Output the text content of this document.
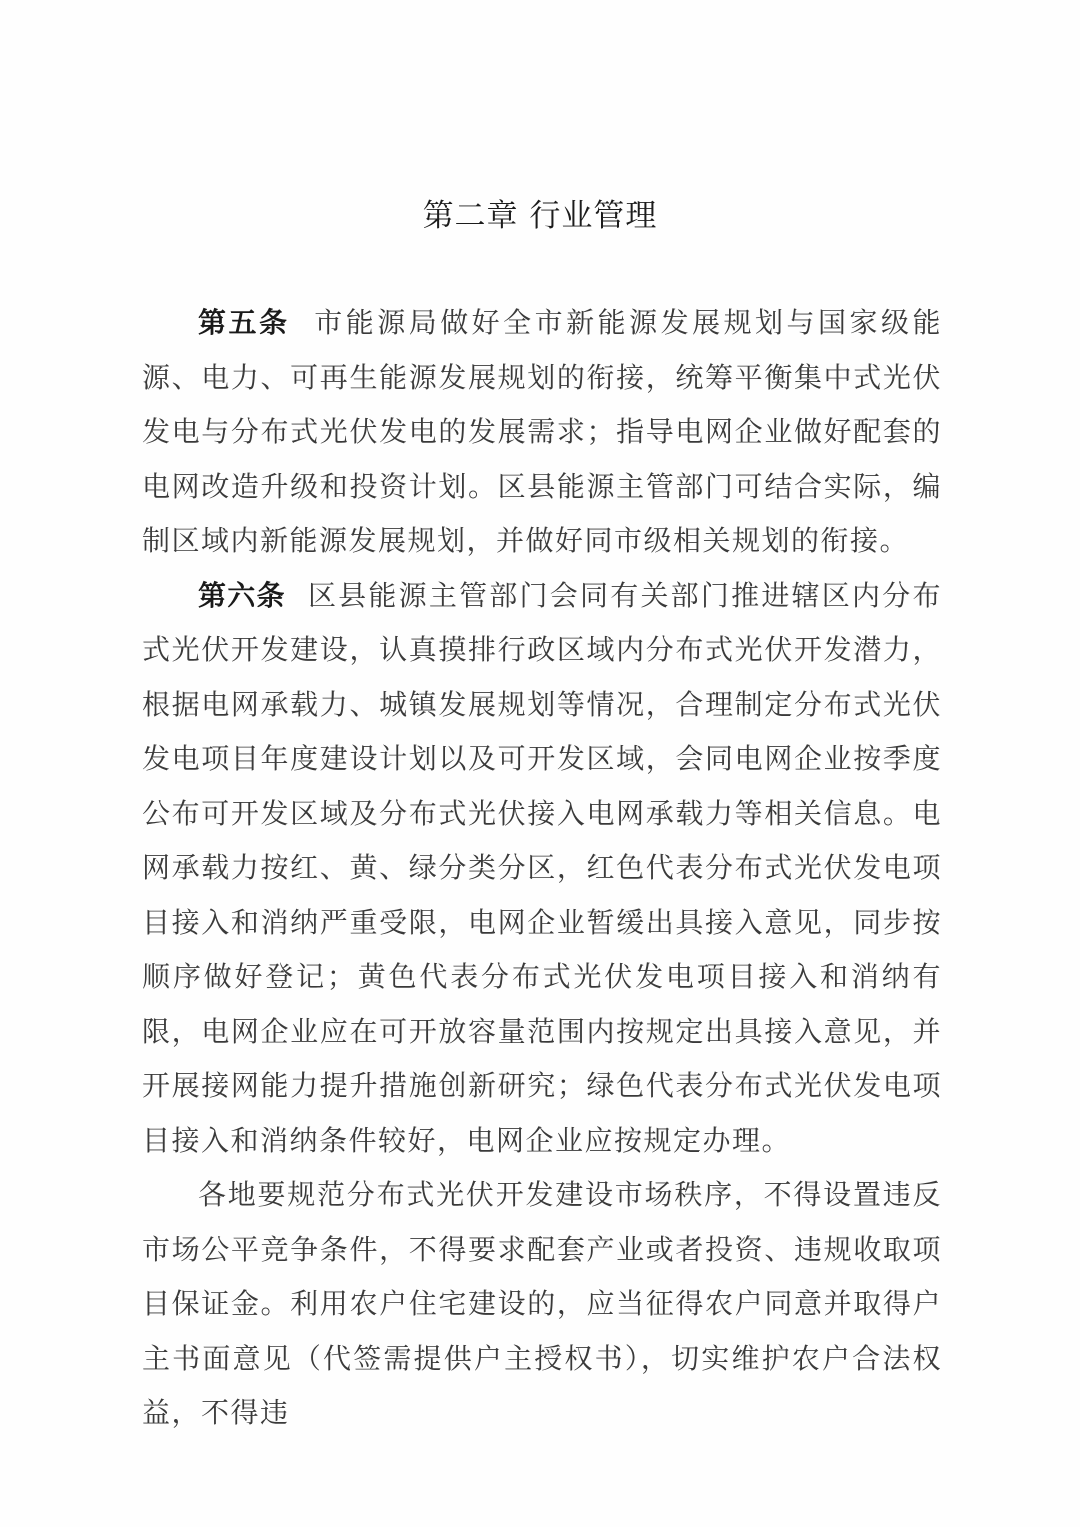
第二章 行业管理

第五条 市能源局做好全市新能源发展规划与国家级能源、电力、可再生能源发展规划的衔接，统筹平衡集中式光伏发电与分布式光伏发电的发展需求；指导电网企业做好配套的电网改造升级和投资计划。区县能源主管部门可结合实际，编制区域内新能源发展规划，并做好同市级相关规划的衔接。

第六条 区县能源主管部门会同有关部门推进辖区内分布式光伏开发建设，认真摸排行政区域内分布式光伏开发潜力，根据电网承载力、城镇发展规划等情况，合理制定分布式光伏发电项目年度建设计划以及可开发区域，会同电网企业按季度公布可开发区域及分布式光伏接入电网承载力等相关信息。电网承载力按红、黄、绿分类分区，红色代表分布式光伏发电项目接入和消纳严重受限，电网企业暂缓出具接入意见，同步按顺序做好登记；黄色代表分布式光伏发电项目接入和消纳有限，电网企业应在可开放容量范围内按规定出具接入意见，并开展接网能力提升措施创新研究；绿色代表分布式光伏发电项目接入和消纳条件较好，电网企业应按规定办理。

各地要规范分布式光伏开发建设市场秩序，不得设置违反市场公平竞争条件，不得要求配套产业或者投资、违规收取项目保证金。利用农户住宅建设的，应当征得农户同意并取得户主书面意见（代签需提供户主授权书），切实维护农户合法权益，不得违
